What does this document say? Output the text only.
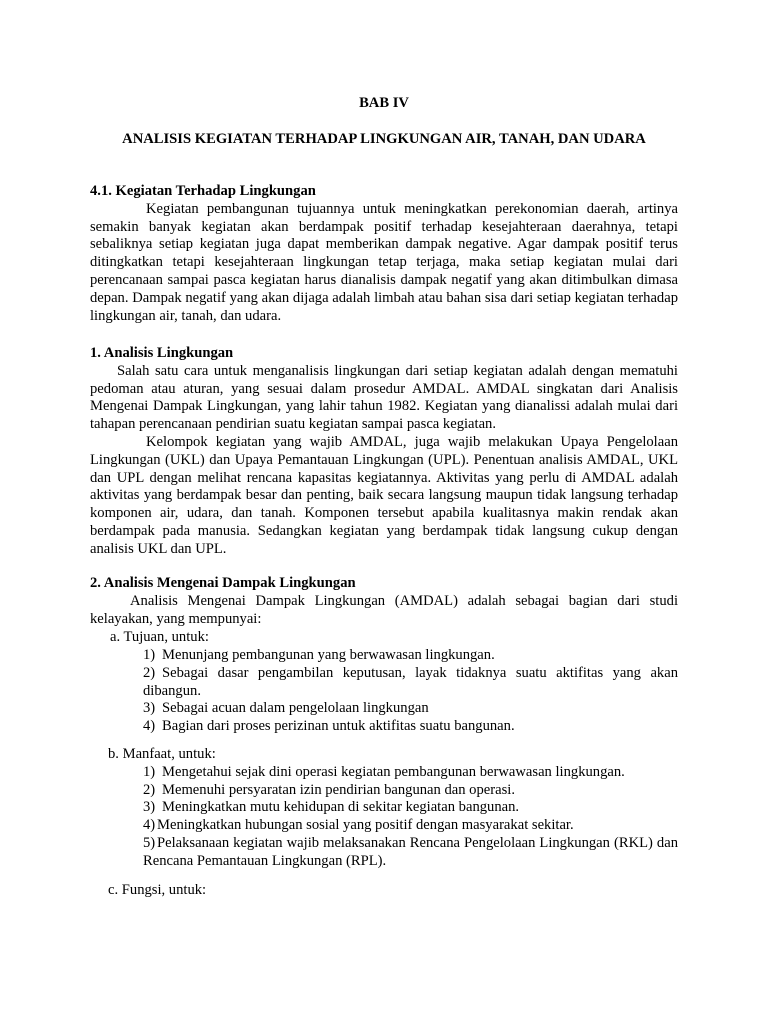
BAB IV
ANALISIS KEGIATAN TERHADAP LINGKUNGAN AIR, TANAH, DAN UDARA

4.1. Kegiatan Terhadap Lingkungan

Kegiatan pembangunan tujuannya untuk meningkatkan perekonomian daerah, artinya semakin banyak kegiatan akan berdampak positif terhadap kesejahteraan daerahnya, tetapi sebaliknya setiap kegiatan juga dapat memberikan dampak negative. Agar dampak positif terus ditingkatkan tetapi kesejahteraan lingkungan tetap terjaga, maka setiap kegiatan mulai dari perencanaan sampai pasca kegiatan harus dianalisis dampak negatif yang akan ditimbulkan dimasa depan. Dampak negatif yang akan dijaga adalah limbah atau bahan sisa dari setiap kegiatan terhadap lingkungan air, tanah, dan udara.

1. Analisis Lingkungan

Salah satu cara untuk menganalisis lingkungan dari setiap kegiatan adalah dengan mematuhi pedoman atau aturan, yang sesuai dalam prosedur AMDAL. AMDAL singkatan dari Analisis Mengenai Dampak Lingkungan, yang lahir tahun 1982. Kegiatan yang dianalissi adalah mulai dari tahapan perencanaan pendirian suatu kegiatan sampai pasca kegiatan.

Kelompok kegiatan yang wajib AMDAL, juga wajib melakukan Upaya Pengelolaan Lingkungan (UKL) dan Upaya Pemantauan Lingkungan (UPL). Penentuan analisis AMDAL, UKL dan UPL dengan melihat rencana kapasitas kegiatannya. Aktivitas yang perlu di AMDAL adalah aktivitas yang berdampak besar dan penting, baik secara langsung maupun tidak langsung terhadap komponen air, udara, dan tanah. Komponen tersebut apabila kualitasnya makin rendak akan berdampak pada manusia. Sedangkan kegiatan yang berdampak tidak langsung cukup dengan analisis UKL dan UPL.

2. Analisis Mengenai Dampak Lingkungan

Analisis Mengenai Dampak Lingkungan (AMDAL) adalah sebagai bagian dari studi kelayakan, yang mempunyai:

a. Tujuan, untuk:
1) Menunjang pembangunan yang berwawasan lingkungan.
2) Sebagai dasar pengambilan keputusan, layak tidaknya suatu aktifitas yang akan dibangun.
3) Sebagai acuan dalam pengelolaan lingkungan
4) Bagian dari proses perizinan untuk aktifitas suatu bangunan.
b. Manfaat, untuk:
1) Mengetahui sejak dini operasi kegiatan pembangunan berwawasan lingkungan.
2) Memenuhi persyaratan izin pendirian bangunan dan operasi.
3) Meningkatkan mutu kehidupan di sekitar kegiatan bangunan.
4) Meningkatkan hubungan sosial yang positif dengan masyarakat sekitar.
5) Pelaksanaan kegiatan wajib melaksanakan Rencana Pengelolaan Lingkungan (RKL) dan Rencana Pemantauan Lingkungan (RPL).
c. Fungsi, untuk:
